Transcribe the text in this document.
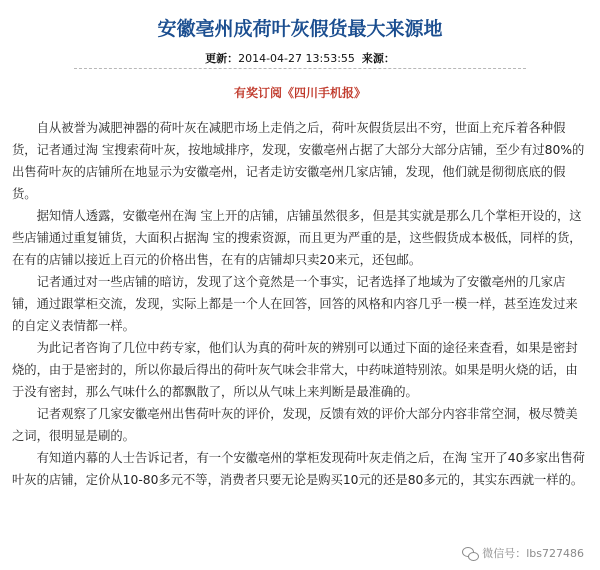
安徽亳州成荷叶灰假货最大来源地
更新：2014-04-27 13:53:55 来源：
有奖订阅《四川手机报》

自从被誉为减肥神器的荷叶灰在减肥市场上走俏之后，荷叶灰假货层出不穷，世面上充斥着各种假货，记者通过淘 宝搜索荷叶灰，按地域排序，发现，安徽亳州占据了大部分大部分店铺，至少有过80%的出售荷叶灰的店铺所在地显示为安徽亳州，记者走访安徽亳州几家店铺，发现，他们就是彻彻底底的假货。

据知情人透露，安徽亳州在淘 宝上开的店铺，店铺虽然很多，但是其实就是那么几个掌柜开设的，这些店铺通过重复铺货，大面积占据淘 宝的搜索资源，而且更为严重的是，这些假货成本极低，同样的货，在有的店铺以接近上百元的价格出售，在有的店铺却只卖20来元，还包邮。

记者通过对一些店铺的暗访，发现了这个竟然是一个事实，记者选择了地域为了安徽亳州的几家店铺，通过跟掌柜交流，发现，实际上都是一个人在回答，回答的风格和内容几乎一模一样，甚至连发过来的自定义表情都一样。

为此记者咨询了几位中药专家，他们认为真的荷叶灰的辨别可以通过下面的途径来查看，如果是密封烧的，由于是密封的，所以你最后得出的荷叶灰气味会非常大，中药味道特别浓。如果是明火烧的话，由于没有密封，那么气味什么的都飘散了，所以从气味上来判断是最准确的。

记者观察了几家安徽亳州出售荷叶灰的评价，发现，反馈有效的评价大部分内容非常空洞，极尽赞美之词，很明显是刷的。

有知道内幕的人士告诉记者，有一个安徽亳州的掌柜发现荷叶灰走俏之后，在淘 宝开了40多家出售荷叶灰的店铺，定价从10-80多元不等，消费者只要无论是购买10元的还是80多元的，其实东西就一样的。

微信号：lbs727486
